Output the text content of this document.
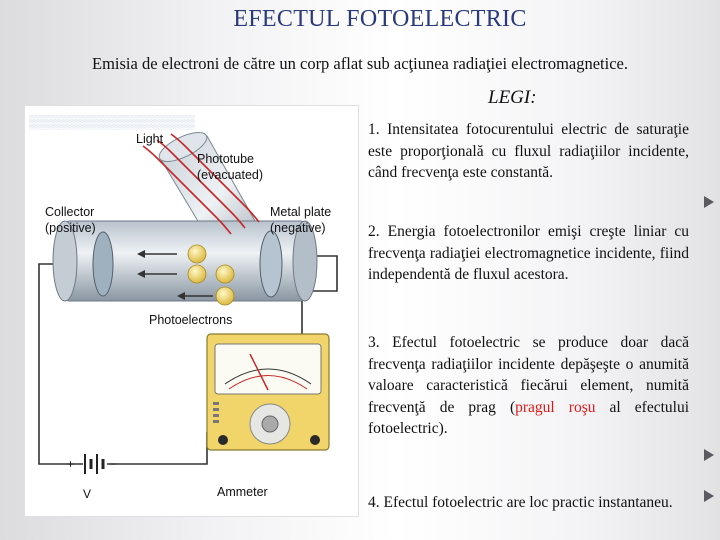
EFECTUL FOTOELECTRIC
Emisia de electroni de către un corp aflat sub acţiunea radiaţiei electromagnetice.
LEGI:
▒▒▒▒▒▒▒▒▒▒▒▒▒▒▒▒▒▒
+	−
V
Light
Phototube
(evacuated)
Collector
(positive)
Metal plate
(negative)
Photoelectrons
Ammeter

1. Intensitatea fotocurentului electric de saturaţie este proporţională cu fluxul radiaţiilor incidente, când frecvenţa este constantă.

2. Energia fotoelectronilor emişi creşte liniar cu frecvenţa radiaţiei electromagnetice incidente, fiind independentă de fluxul acestora.

3. Efectul fotoelectric se produce doar dacă frecvenţa radiaţiilor incidente depăşeşte o anumită valoare caracteristică fiecărui element, numită frecvenţă de prag (pragul roşu al efectului fotoelectric).

4. Efectul fotoelectric are loc practic instantaneu.
